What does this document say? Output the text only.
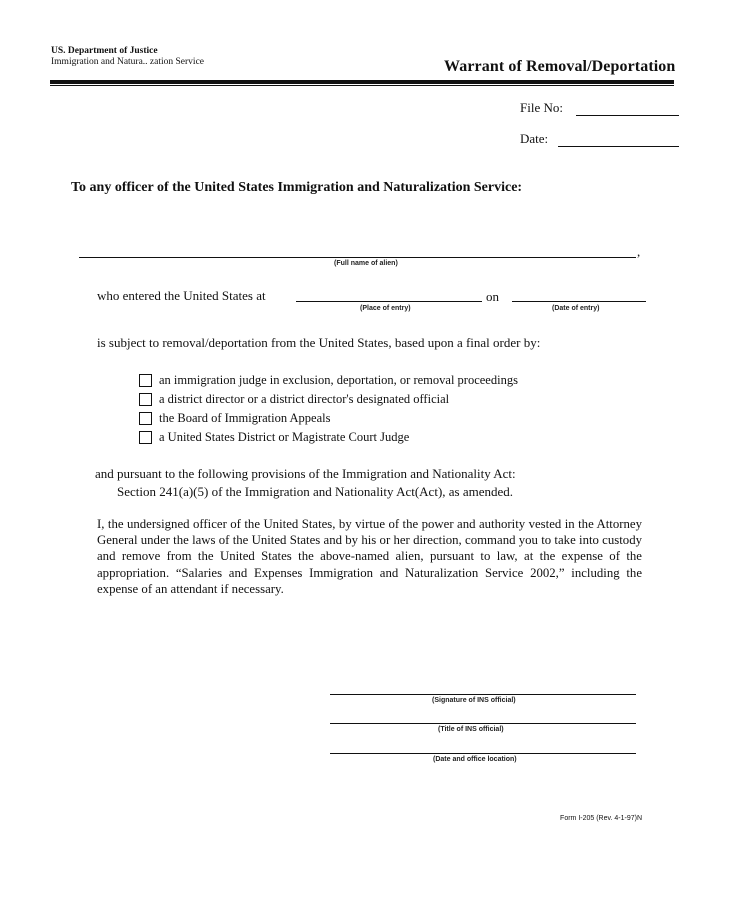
US. Department of Justice
Immigration and Natura.. zation Service	Warrant of Removal/Deportation
File No:
Date:
To any officer of the United States Immigration and Naturalization Service:
,
(Full name of alien)
who entered the United States at
(Place of entry)
on
(Date of entry)
is subject to removal/deportation from the United States, based upon a final order by:
an immigration judge in exclusion, deportation, or removal proceedings
a district director or a district director's designated official
the Board of Immigration Appeals
a United States District or Magistrate Court Judge
and pursuant to the following provisions of the Immigration and Nationality Act:
Section 241(a)(5) of the Immigration and Nationality Act(Act), as amended.
I, the undersigned officer of the United States, by virtue of the power and authority vested in the Attorney General under the laws of the United States and by his or her direction, command you to take into custody and remove from the United States the above-named alien, pursuant to law, at the expense of the appropriation. “Salaries and Expenses Immigration and Naturalization Service 2002,” including the expense of an attendant if necessary.
(Signature of INS official)
(Title of INS official)
(Date and office location)
Form I-205 (Rev. 4-1-97)N
